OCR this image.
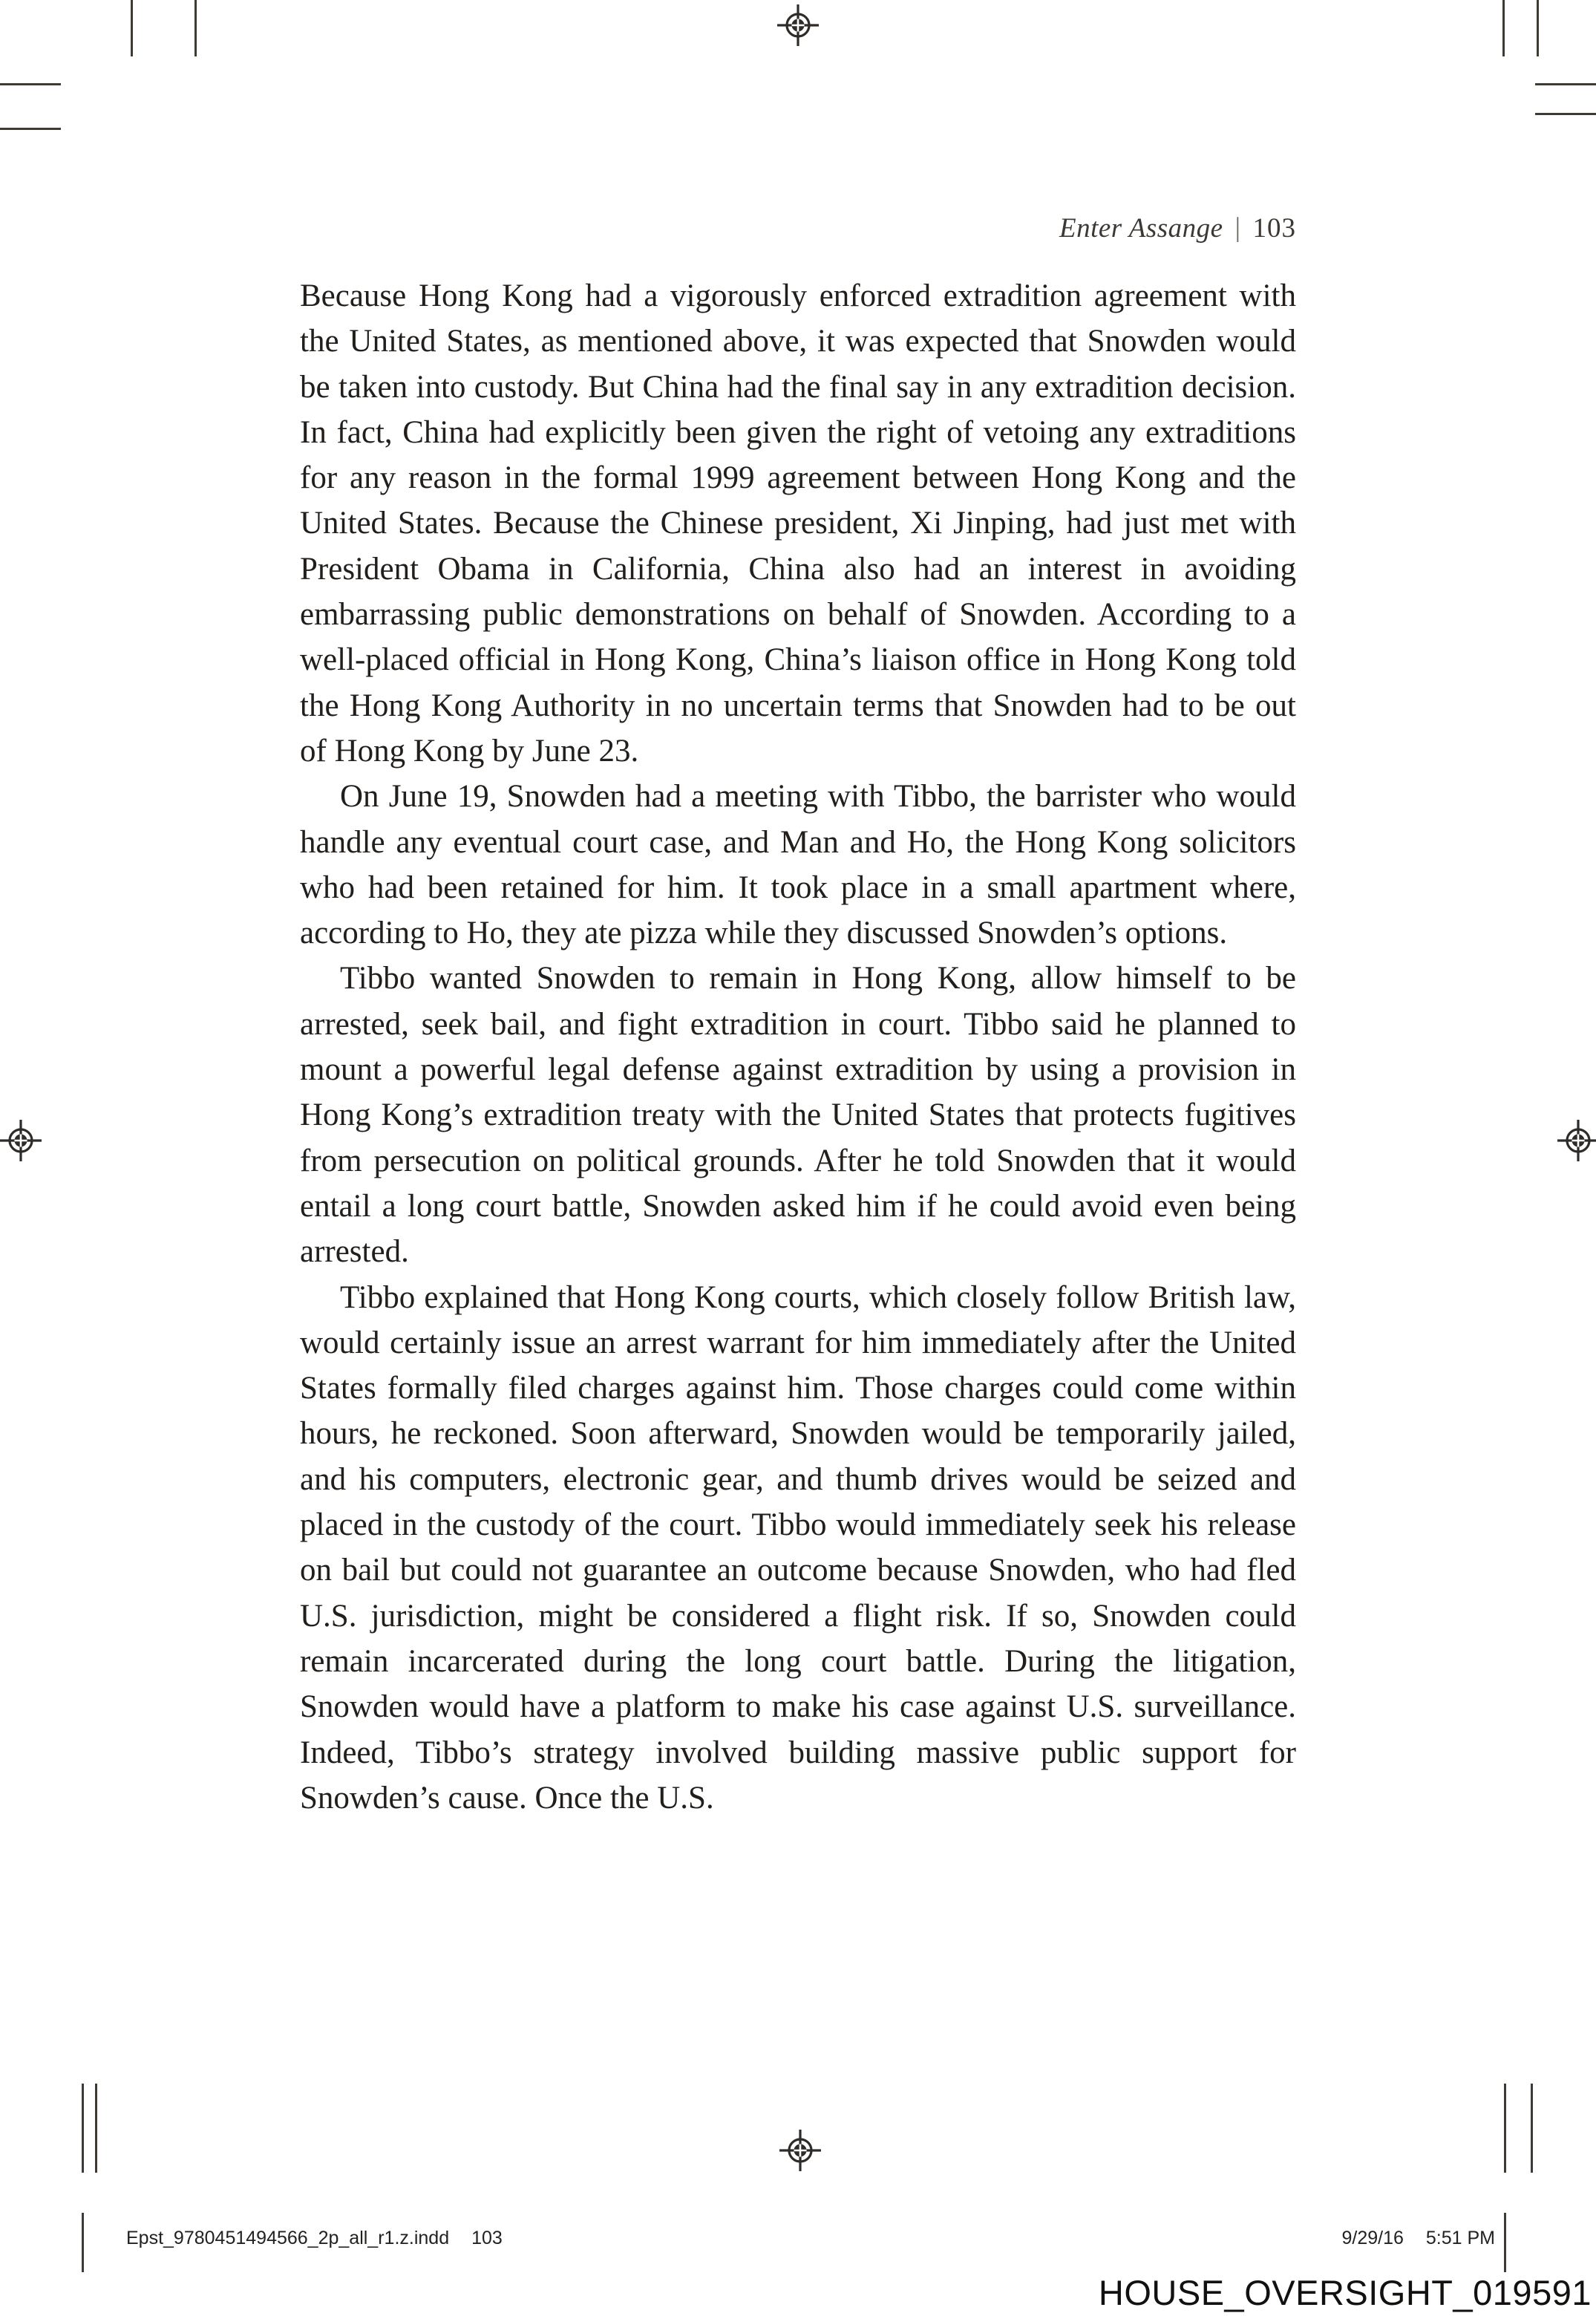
Enter Assange | 103

Because Hong Kong had a vigorously enforced extradition agreement with the United States, as mentioned above, it was expected that Snowden would be taken into custody. But China had the final say in any extradition decision. In fact, China had explicitly been given the right of vetoing any extraditions for any reason in the formal 1999 agreement between Hong Kong and the United States. Because the Chinese president, Xi Jinping, had just met with President Obama in California, China also had an interest in avoiding embarrassing public demonstrations on behalf of Snowden. According to a well-placed official in Hong Kong, China’s liaison office in Hong Kong told the Hong Kong Authority in no uncertain terms that Snowden had to be out of Hong Kong by June 23.

On June 19, Snowden had a meeting with Tibbo, the barrister who would handle any eventual court case, and Man and Ho, the Hong Kong solicitors who had been retained for him. It took place in a small apartment where, according to Ho, they ate pizza while they discussed Snowden’s options.

Tibbo wanted Snowden to remain in Hong Kong, allow himself to be arrested, seek bail, and fight extradition in court. Tibbo said he planned to mount a powerful legal defense against extradition by using a provision in Hong Kong’s extradition treaty with the United States that protects fugitives from persecution on political grounds. After he told Snowden that it would entail a long court battle, Snowden asked him if he could avoid even being arrested.

Tibbo explained that Hong Kong courts, which closely follow British law, would certainly issue an arrest warrant for him immediately after the United States formally filed charges against him. Those charges could come within hours, he reckoned. Soon afterward, Snowden would be temporarily jailed, and his computers, electronic gear, and thumb drives would be seized and placed in the custody of the court. Tibbo would immediately seek his release on bail but could not guarantee an outcome because Snowden, who had fled U.S. jurisdiction, might be considered a flight risk. If so, Snowden could remain incarcerated during the long court battle. During the litigation, Snowden would have a platform to make his case against U.S. surveillance. Indeed, Tibbo’s strategy involved building massive public support for Snowden’s cause. Once the U.S.

Epst_9780451494566_2p_all_r1.z.indd 103	9/29/16 5:51 PM
HOUSE_OVERSIGHT_019591
